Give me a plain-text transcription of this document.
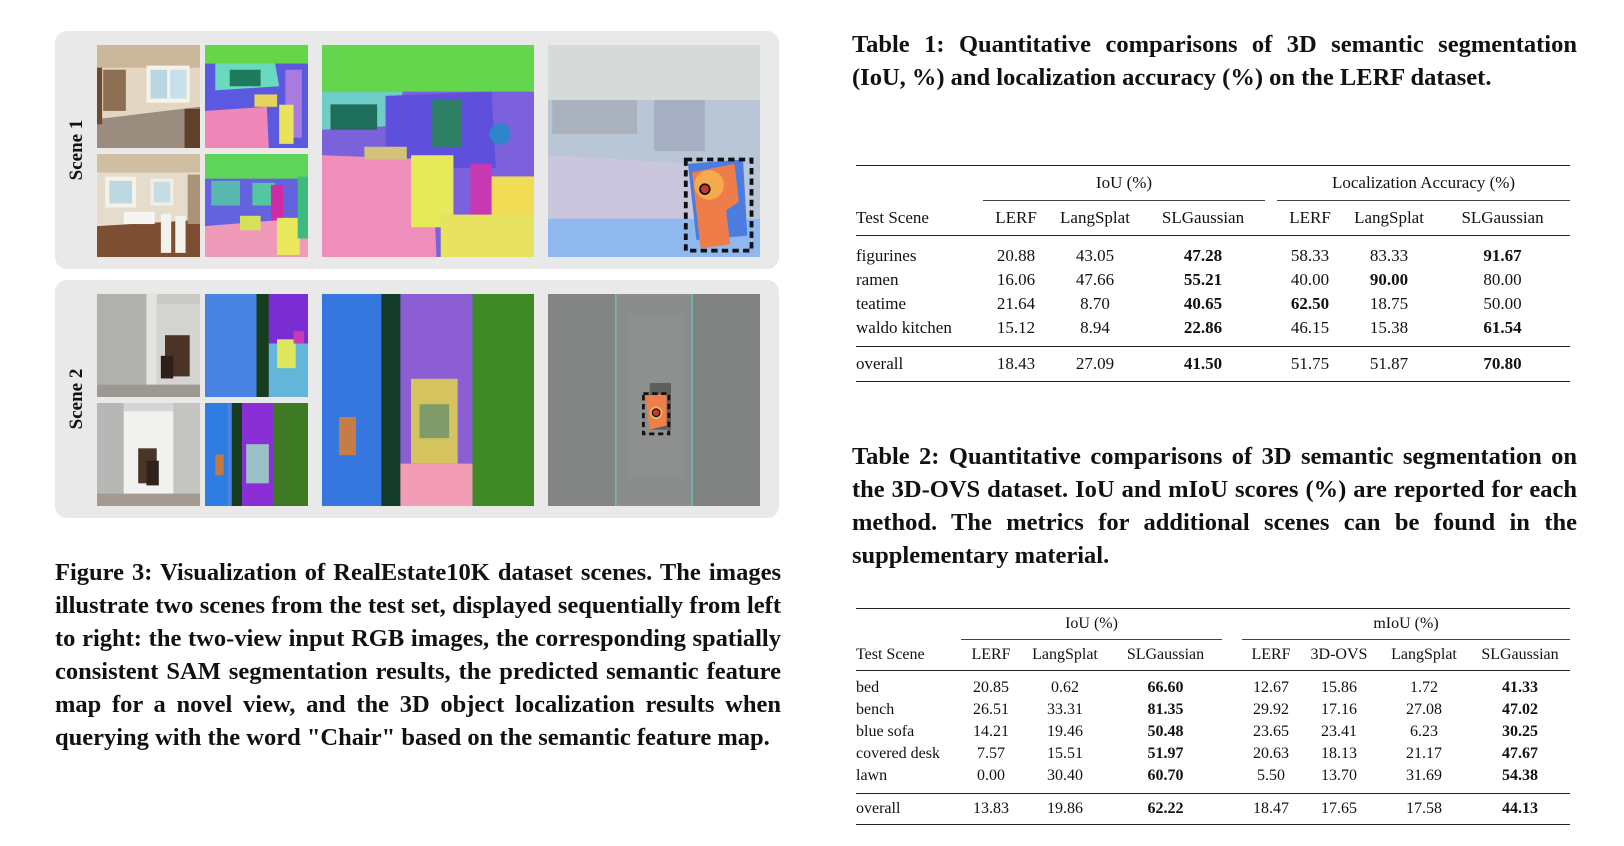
Scene 1
Scene 2

Figure 3: Visualization of RealEstate10K dataset scenes. The images illustrate two scenes from the test set, displayed sequentially from left to right: the two-view input RGB images, the corresponding spatially consistent SAM segmentation results, the predicted semantic feature map for a novel view, and the 3D object localization results when querying with the word "Chair" based on the semantic feature map.

Table 1: Quantitative comparisons of 3D semantic segmentation (IoU, %) and localization accuracy (%) on the LERF dataset.

	IoU (%)				Localization Accuracy (%)		
Test Scene	LERF	LangSplat	SLGaussian		LERF	LangSplat	SLGaussian
figurines	20.88	43.05	47.28		58.33	83.33	91.67
ramen	16.06	47.66	55.21		40.00	90.00	80.00
teatime	21.64	8.70	40.65		62.50	18.75	50.00
waldo kitchen	15.12	8.94	22.86		46.15	15.38	61.54
overall	18.43	27.09	41.50		51.75	51.87	70.80

Table 2: Quantitative comparisons of 3D semantic segmentation on the 3D-OVS dataset. IoU and mIoU scores (%) are reported for each method. The metrics for additional scenes can be found in the supplementary material.

	IoU (%)				mIoU (%)			
Test Scene	LERF	LangSplat	SLGaussian		LERF	3D-OVS	LangSplat	SLGaussian
bed	20.85	0.62	66.60		12.67	15.86	1.72	41.33
bench	26.51	33.31	81.35		29.92	17.16	27.08	47.02
blue sofa	14.21	19.46	50.48		23.65	23.41	6.23	30.25
covered desk	7.57	15.51	51.97		20.63	18.13	21.17	47.67
lawn	0.00	30.40	60.70		5.50	13.70	31.69	54.38
overall	13.83	19.86	62.22		18.47	17.65	17.58	44.13
